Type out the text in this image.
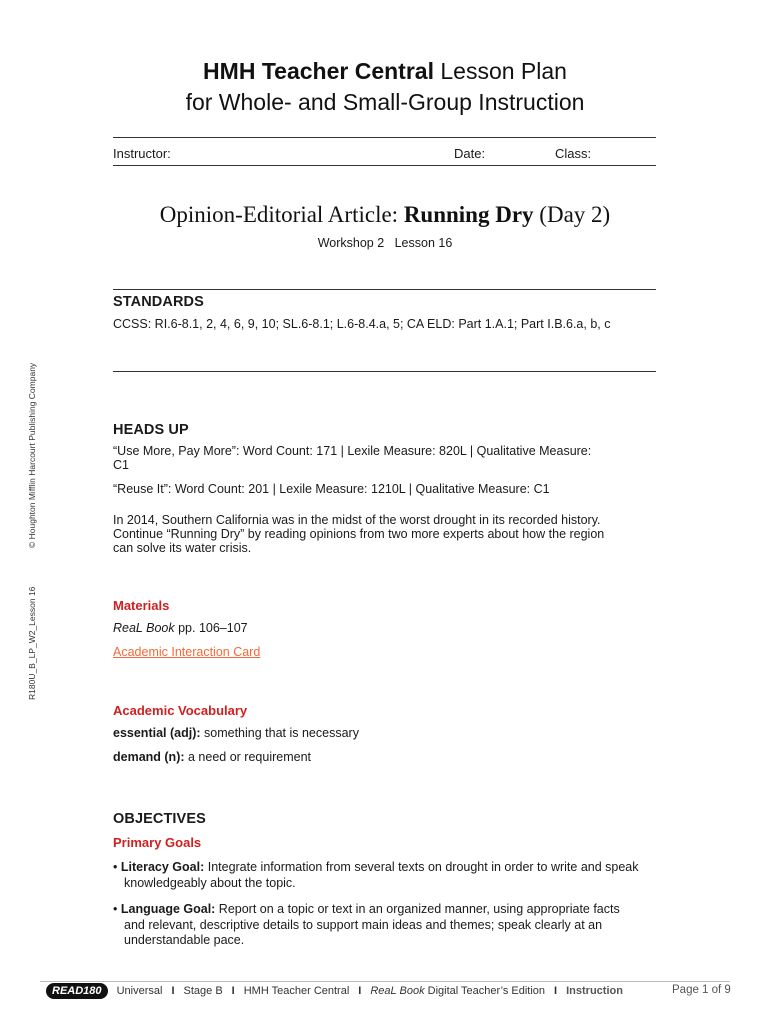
HMH Teacher Central Lesson Plan
for Whole- and Small-Group Instruction
Instructor:	Date:	Class:
Opinion-Editorial Article: Running Dry (Day 2)
Workshop 2 Lesson 16
© Houghton Mifflin Harcourt Publishing Company
R180U_B_LP_W2_Lesson 16
STANDARDS
CCSS: RI.6-8.1, 2, 4, 6, 9, 10; SL.6-8.1; L.6-8.4.a, 5; CA ELD: Part 1.A.1; Part I.B.6.a, b, c
HEADS UP
“Use More, Pay More”: Word Count: 171 | Lexile Measure: 820L | Qualitative Measure:
C1
“Reuse It”: Word Count: 201 | Lexile Measure: 1210L | Qualitative Measure: C1
In 2014, Southern California was in the midst of the worst drought in its recorded history.
Continue “Running Dry” by reading opinions from two more experts about how the region
can solve its water crisis.
Materials
ReaL Book pp. 106–107
Academic Interaction Card
Academic Vocabulary
essential (adj): something that is necessary
demand (n): a need or requirement
OBJECTIVES
Primary Goals
• Literacy Goal: Integrate information from several texts on drought in order to write and speak
knowledgeably about the topic.
• Language Goal: Report on a topic or text in an organized manner, using appropriate facts
and relevant, descriptive details to support main ideas and themes; speak clearly at an
understandable pace.
READ180 Universal I Stage B I HMH Teacher Central I ReaL Book Digital Teacher’s Edition I Instruction	Page 1 of 9
